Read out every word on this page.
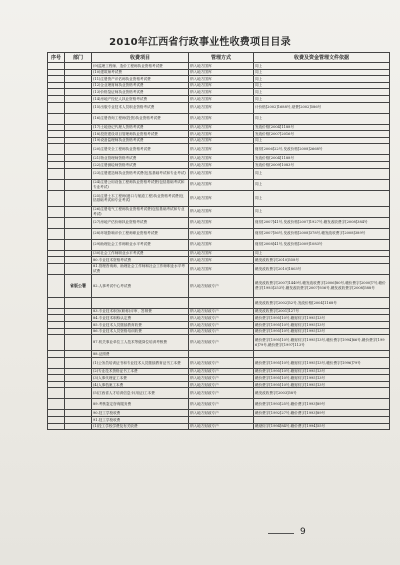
2010年江西省行政事业性收费项目目录
序号	部门	收费项目	管理方式	收费及资金管理文件依据
		(9)监理工程师、造价工程师执业资格考试费	纳入地方国库	同上
		(10)建筑师考试费	纳入地方国库	同上
		(11)注册资产评估师执业资格考试费	纳入地方国库	同上
		(12)企业理财师执业资格考试费	纳入地方国库	同上
		(13)价格鉴证师执业资格考试费	纳入地方国库	同上
		(14)房地产经纪人执业资格考试费	纳入地方国库	同上
		(15)出版专业技术人员职业资格考试费	纳入地方国库	计价格[2002]1688号,财费[2002]586号
		(16)注册咨询工程师(投资)执业资格考试费	纳入地方国库	同上
		(17)土地登记代理人资格考试费	纳入地方国库	发改价格[2004]1188号
		(18)投资建设项目管理师执业资格考试费	纳入地方国库	发改价格[2007]2016号
		(19)设备监理师执业资格考试费	纳入地方国库	同上
		(20)注册安全工程师执业资格考试费	纳入地方国库	财综[2006]22号,发改价格[2008]2668号
		(21)物业管理师资格考试费	纳入地方国库	发改价格[2004]1188号
		(22)注册测绘师资格考试费	纳入地方国库	发改价格[2009]1083号
		(23)注册建造师执业资格考试费(包括基础考试和专业考试)	纳入地方国库	同上
		(24)注册公用设备工程师执业资格考试费(包括基础考试和专业考试)	纳入地方国库	同上
		(25)注册土木工程师(港口与航道工程)执业资格考试费(包括基础考试和专业考试)	纳入地方国库	同上
		(26)注册电气工程师执业资格考试费(包括基础考试和专业考试)	纳入地方国库	同上
		(27)房地产估价师执业资格考试费	纳入地方国库	财综[2007]41号,发改价格[2007]1927号,赣发改收费字[2008]384号
		(28)环境影响评价工程师职业资格考试费	纳入地方国库	财综[2007]56号,发改价格[2008]378号,赣发改收费字[2008]389号
		(29)助理社会工作师职业水平考试费	纳入地方国库	财综[2008]41号,发改价格[2009]1083号
		(30)社会工作师职业水平考试费	纳入地方国库	同上
		80.专业技术资格考试费	纳入地方国库	赣发改收费字[2010]558号
		81.管理咨询师、助理社会工作师和社会工作师职业水平考试费	纳入地方国库	赣发改收费字[2010]1803号
	省版公署	82.人事考试中心考试费	纳入地方财政专户	赣发改收费字[2007]1449号,赣发改收费字[2006]80号,赣价费字[2000]7号,赣价费字[1993]253号,赣发改收费字[2007]936号,赣发改收费字[2008]588号
				赣发改收费字[2002]52号,发改价格[2004]1168号
		83.专业技术职务(职称)评审、答辩费	纳入地方财政专户	赣发改收费字[2001]127号
		84.专业技术职称认定费	纳入地方财政专户	赣价费字[1995]10号,赣财综字[1995]13号
		85.专业技术人员继续教育收费	纳入地方财政专户	赣价费字[1995]10号,赣财综字[1995]13号
		86.专业技术人员资格培训收费	纳入地方财政专户	赣价费字[1995]10号,赣财综字[1995]13号
		87.机关事业单位工人技术等级岗位培训考核费	纳入地方财政专户	赣价费字[1995]10号,赣财综字[1995]13号,赣价费字[1994]66号,赣价费字[1996]79号,赣价费字[1997]113号
		88.证照费		
		(1)公务员培训证书和专业技术人员继续教育证书工本费	纳入地方财政专户	赣价费字[1995]10号,赣财综字[1995]13号,赣价费字[1996]79号
		(2)专业技术资格证书工本费	纳入地方财政专户	赣价费字[1995]10号,赣财综字[1995]13号
		(3)人事代理证工本费	纳入地方财政专户	赣价费字[1995]10号,赣财综字[1995]13号
		(4)人事档案工本费	纳入地方财政专户	赣价费字[1995]10号,赣财综字[1995]13号
		(5)江西省人才培训信息卡(用证)工本费	纳入地方财政专户	赣发改收费字[2003]58号
		89.考核鉴定咨询服务费	纳入地方财政专户	赣价费字[1993]25号,赣价费字[1993]89号
		90.技工学校收费	纳入地方财政专户	赣价费字[1992]27号,赣价费字[1993]89号
		91.技工学校收费		
		(1)技工学校学费及有关收费	纳入地方财政专户	赣财综字[1994]84号,赣价费字[1994]55号
9
